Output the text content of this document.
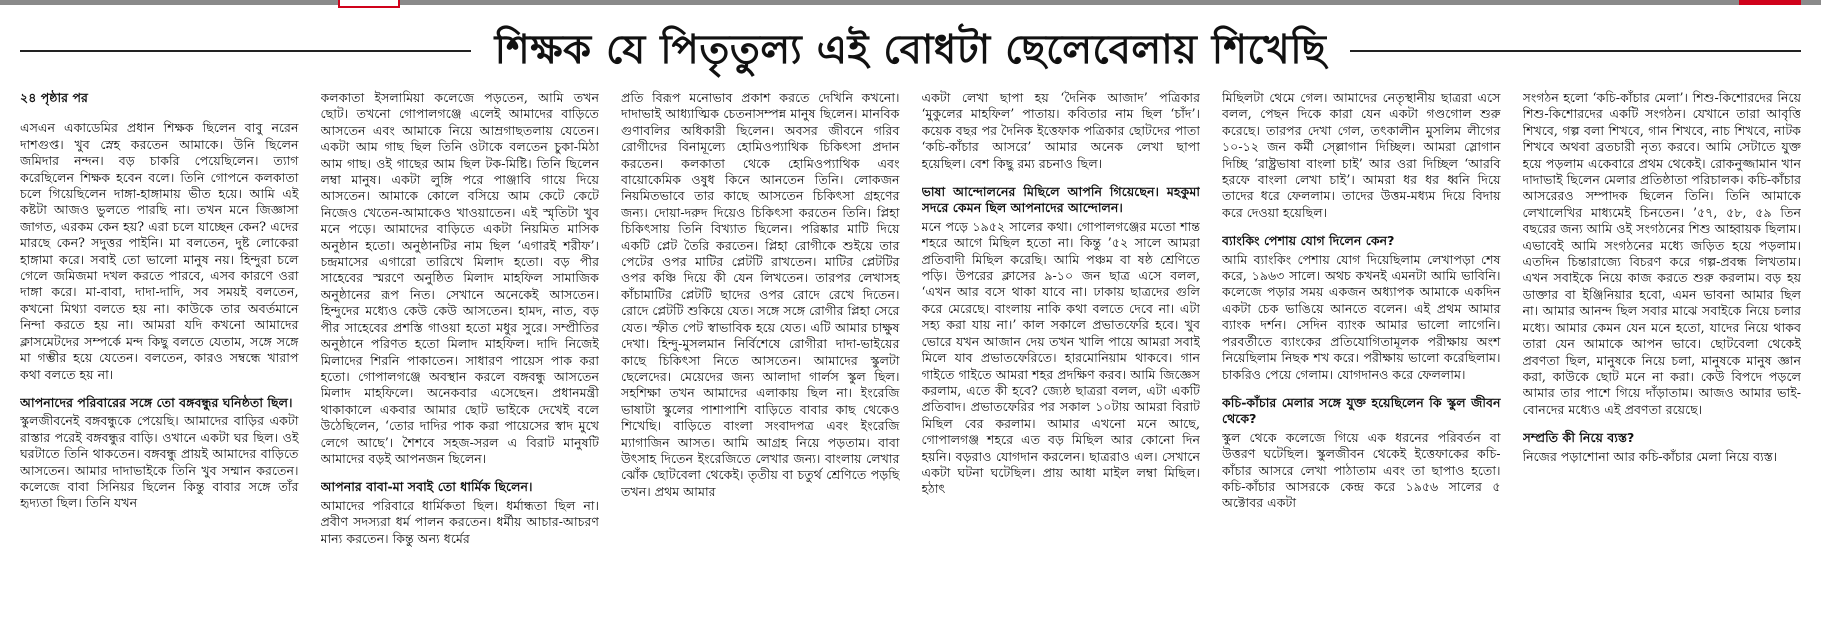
শিক্ষক যে পিতৃতুল্য এই বোধটা ছেলেবেলায় শিখেছি
২৪ পৃষ্ঠার পর

এসএন একাডেমির প্রধান শিক্ষক ছিলেন বাবু নরেন দাশগুপ্ত। খুব স্নেহ করতেন আমাকে। উনি ছিলেন জমিদার নন্দন। বড় চাকরি পেয়েছিলেন। ত্যাগ করেছিলেন শিক্ষক হবেন বলে। তিনি গোপনে কলকাতা চলে গিয়েছিলেন দাঙ্গা-হাঙ্গামায় ভীত হয়ে। আমি এই কষ্টটা আজও ভুলতে পারছি না। তখন মনে জিজ্ঞাসা জাগত, এরকম কেন হয়? এরা চলে যাচ্ছেন কেন? এদের মারছে কেন? সদুত্তর পাইনি। মা বলতেন, দুষ্ট লোকেরা হাঙ্গামা করে। সবাই তো ভালো মানুষ নয়। হিন্দুরা চলে গেলে জমিজমা দখল করতে পারবে, এসব কারণে ওরা দাঙ্গা করে। মা-বাবা, দাদা-দাদি, সব সময়ই বলতেন, কখনো মিথ্যা বলতে হয় না। কাউকে তার অবর্তমানে নিন্দা করতে হয় না। আমরা যদি কখনো আমাদের ক্লাসমেটদের সম্পর্কে মন্দ কিছু বলতে যেতাম, সঙ্গে সঙ্গে মা গম্ভীর হয়ে যেতেন। বলতেন, কারও সম্বন্ধে খারাপ কথা বলতে হয় না।

আপনাদের পরিবারের সঙ্গে তো বঙ্গবন্ধুর ঘনিষ্ঠতা ছিল।

স্কুলজীবনেই বঙ্গবন্ধুকে পেয়েছি। আমাদের বাড়ির একটা রাস্তার পরেই বঙ্গবন্ধুর বাড়ি। ওখানে একটা ঘর ছিল। ওই ঘরটাতে তিনি থাকতেন। বঙ্গবন্ধু প্রায়ই আমাদের বাড়িতে আসতেন। আমার দাদাভাইকে তিনি খুব সম্মান করতেন। কলেজে বাবা সিনিয়র ছিলেন কিন্তু বাবার সঙ্গে তাঁর হৃদ্যতা ছিল। তিনি যখন

কলকাতা ইসলামিয়া কলেজে পড়তেন, আমি তখন ছোট। তখনো গোপালগঞ্জে এলেই আমাদের বাড়িতে আসতেন এবং আমাকে নিয়ে আম্রগাছতলায় যেতেন। একটা আম গাছ ছিল তিনি ওটাকে বলতেন চুকা-মিঠা আম গাছ। ওই গাছের আম ছিল টক-মিষ্টি। তিনি ছিলেন লম্বা মানুষ। একটা লুঙ্গি পরে পাঞ্জাবি গায়ে দিয়ে আসতেন। আমাকে কোলে বসিয়ে আম কেটে কেটে নিজেও খেতেন-আমাকেও খাওয়াতেন। এই স্মৃতিটা খুব মনে পড়ে। আমাদের বাড়িতে একটা নিয়মিত মাসিক অনুষ্ঠান হতো। অনুষ্ঠানটির নাম ছিল ‘এগারই শরীফ’। চন্দ্রমাসের এগারো তারিখে মিলাদ হতো। বড় পীর সাহেবের স্মরণে অনুষ্ঠিত মিলাদ মাহফিল সামাজিক অনুষ্ঠানের রূপ নিত। সেখানে অনেকেই আসতেন। হিন্দুদের মধ্যেও কেউ কেউ আসতেন। হামদ, নাত, বড় পীর সাহেবের প্রশস্তি গাওয়া হতো মধুর সুরে। সম্প্রীতির অনুষ্ঠানে পরিণত হতো মিলাদ মাহফিল। দাদি নিজেই মিলাদের শিরনি পাকাতেন। সাধারণ পায়েস পাক করা হতো। গোপালগঞ্জে অবস্থান করলে বঙ্গবন্ধু আসতেন মিলাদ মাহফিলে। অনেকবার এসেছেন। প্রধানমন্ত্রী থাকাকালে একবার আমার ছোট ভাইকে দেখেই বলে উঠেছিলেন, ‘তোর দাদির পাক করা পায়েসের স্বাদ মুখে লেগে আছে’। শৈশবে সহজ-সরল এ বিরাট মানুষটি আমাদের বড়ই আপনজন ছিলেন।

আপনার বাবা-মা সবাই তো ধার্মিক ছিলেন।

আমাদের পরিবারে ধার্মিকতা ছিল। ধর্মান্ধতা ছিল না। প্রবীণ সদস্যরা ধর্ম পালন করতেন। ধর্মীয় আচার-আচরণ মান্য করতেন। কিন্তু অন্য ধর্মের

প্রতি বিরূপ মনোভাব প্রকাশ করতে দেখিনি কখনো। দাদাভাই আধ্যাত্মিক চেতনাসম্পন্ন মানুষ ছিলেন। মানবিক গুণাবলির অধিকারী ছিলেন। অবসর জীবনে গরিব রোগীদের বিনামূল্যে হোমিওপ্যাথিক চিকিৎসা প্রদান করতেন। কলকাতা থেকে হোমিওপ্যাথিক এবং বায়োকেমিক ওষুধ কিনে আনতেন তিনি। লোকজন নিয়মিতভাবে তার কাছে আসতেন চিকিৎসা গ্রহণের জন্য। দোয়া-দরুদ দিয়েও চিকিৎসা করতেন তিনি। প্লিহা চিকিৎসায় তিনি বিখ্যাত ছিলেন। পরিষ্কার মাটি দিয়ে একটি প্লেট তৈরি করতেন। প্লিহা রোগীকে শুইয়ে তার পেটের ওপর মাটির প্লেটটি রাখতেন। মাটির প্লেটটির ওপর কঞ্চি দিয়ে কী যেন লিখতেন। তারপর লেখাসহ কাঁচামাটির প্লেটটি ছাদের ওপর রোদে রেখে দিতেন। রোদে প্লেটটি শুকিয়ে যেত। সঙ্গে সঙ্গে রোগীর প্লিহা সেরে যেত। স্ফীত পেট স্বাভাবিক হয়ে যেত। এটি আমার চাক্ষুষ দেখা। হিন্দু-মুসলমান নির্বিশেষে রোগীরা দাদা-ভাইয়ের কাছে চিকিৎসা নিতে আসতেন। আমাদের স্কুলটা ছেলেদের। মেয়েদের জন্য আলাদা গার্লস স্কুল ছিল। সহশিক্ষা তখন আমাদের এলাকায় ছিল না। ইংরেজি ভাষাটা স্কুলের পাশাপাশি বাড়িতে বাবার কাছ থেকেও শিখেছি। বাড়িতে বাংলা সংবাদপত্র এবং ইংরেজি ম্যাগাজিন আসত। আমি আগ্রহ নিয়ে পড়তাম। বাবা উৎসাহ দিতেন ইংরেজিতে লেখার জন্য। বাংলায় লেখার ঝোঁক ছোটবেলা থেকেই। তৃতীয় বা চতুর্থ শ্রেণিতে পড়ছি তখন। প্রথম আমার

একটা লেখা ছাপা হয় ‘দৈনিক আজাদ’ পত্রিকার ‘মুকুলের মাহফিল’ পাতায়। কবিতার নাম ছিল ‘চাঁদ’। কয়েক বছর পর দৈনিক ইত্তেফাক পত্রিকার ছোটদের পাতা ‘কচি-কাঁচার আসরে’ আমার অনেক লেখা ছাপা হয়েছিল। বেশ কিছু রম্য রচনাও ছিল।

ভাষা আন্দোলনের মিছিলে আপনি গিয়েছেন। মহকুমা সদরে কেমন ছিল আপনাদের আন্দোলন।

মনে পড়ে ১৯৫২ সালের কথা। গোপালগঞ্জের মতো শান্ত শহরে আগে মিছিল হতো না। কিন্তু ’৫২ সালে আমরা প্রতিবাদী মিছিল করেছি। আমি পঞ্চম বা ষষ্ঠ শ্রেণিতে পড়ি। উপরের ক্লাসের ৯-১০ জন ছাত্র এসে বলল, ‘এখন আর বসে থাকা যাবে না। ঢাকায় ছাত্রদের গুলি করে মেরেছে। বাংলায় নাকি কথা বলতে দেবে না। এটা সহ্য করা যায় না।’ কাল সকালে প্রভাতফেরি হবে। খুব ভোরে যখন আজান দেয় তখন খালি পায়ে আমরা সবাই মিলে যাব প্রভাতফেরিতে। হারমোনিয়াম থাকবে। গান গাইতে গাইতে আমরা শহর প্রদক্ষিণ করব। আমি জিজ্ঞেস করলাম, এতে কী হবে? জ্যেষ্ঠ ছাত্ররা বলল, এটা একটি প্রতিবাদ। প্রভাতফেরির পর সকাল ১০টায় আমরা বিরাট মিছিল বের করলাম। আমার এখনো মনে আছে, গোপালগঞ্জ শহরে এত বড় মিছিল আর কোনো দিন হয়নি। বড়রাও যোগদান করলেন। ছাত্ররাও এল। সেখানে একটা ঘটনা ঘটেছিল। প্রায় আধা মাইল লম্বা মিছিল। হঠাৎ

মিছিলটা থেমে গেল। আমাদের নেতৃস্থানীয় ছাত্ররা এসে বলল, পেছন দিকে কারা যেন একটা গণ্ডগোল শুরু করেছে। তারপর দেখা গেল, তৎকালীন মুসলিম লীগের ১০-১২ জন কর্মী স্ল্লোগান দিচ্ছিল। আমরা স্লোগান দিচ্ছি ‘রাষ্ট্রভাষা বাংলা চাই’ আর ওরা দিচ্ছিল ‘আরবি হরফে বাংলা লেখা চাই’। আমরা ধর ধর ধ্বনি দিয়ে তাদের ধরে ফেললাম। তাদের উত্তম-মধ্যম দিয়ে বিদায় করে দেওয়া হয়েছিল।

ব্যাংকিং পেশায় যোগ দিলেন কেন?

আমি ব্যাংকিং পেশায় যোগ দিয়েছিলাম লেখাপড়া শেষ করে, ১৯৬৩ সালে। অথচ কখনই এমনটা আমি ভাবিনি। কলেজে পড়ার সময় একজন অধ্যাপক আমাকে একদিন একটা চেক ভাঙিয়ে আনতে বলেন। এই প্রথম আমার ব্যাংক দর্শন। সেদিন ব্যাংক আমার ভালো লাগেনি। পরবর্তীতে ব্যাংকের প্রতিযোগিতামূলক পরীক্ষায় অংশ নিয়েছিলাম নিছক শখ করে। পরীক্ষায় ভালো করেছিলাম। চাকরিও পেয়ে গেলাম। যোগদানও করে ফেললাম।

কচি-কাঁচার মেলার সঙ্গে যুক্ত হয়েছিলেন কি স্কুল জীবন থেকে?

স্কুল থেকে কলেজে গিয়ে এক ধরনের পরিবর্তন বা উত্তরণ ঘটেছিল। স্কুলজীবন থেকেই ইত্তেফাকের কচি-কাঁচার আসরে লেখা পাঠাতাম এবং তা ছাপাও হতো। কচি-কাঁচার আসরকে কেন্দ্র করে ১৯৫৬ সালের ৫ অক্টোবর একটা

সংগঠন হলো ‘কচি-কাঁচার মেলা’। শিশু-কিশোরদের নিয়ে শিশু-কিশোরদের একটি সংগঠন। যেখানে তারা আবৃত্তি শিখবে, গল্প বলা শিখবে, গান শিখবে, নাচ শিখবে, নাটক শিখবে অথবা ব্রতচারী নৃত্য করবে। আমি সেটাতে যুক্ত হয়ে পড়লাম একেবারে প্রথম থেকেই। রোকনুজ্জামান খান দাদাভাই ছিলেন মেলার প্রতিষ্ঠাতা পরিচালক। কচি-কাঁচার আসরেরও সম্পাদক ছিলেন তিনি। তিনি আমাকে লেখালেখির মাধ্যমেই চিনতেন। ’৫৭, ৫৮, ৫৯ তিন বছরের জন্য আমি ওই সংগঠনের শিশু আহ্বায়ক ছিলাম। এভাবেই আমি সংগঠনের মধ্যে জড়িত হয়ে পড়লাম। এতদিন চিন্তারাজ্যে বিচরণ করে গল্প-প্রবন্ধ লিখতাম। এখন সবাইকে নিয়ে কাজ করতে শুরু করলাম। বড় হয় ডাক্তার বা ইঞ্জিনিয়ার হবো, এমন ভাবনা আমার ছিল না। আমার আনন্দ ছিল সবার মাঝে সবাইকে নিয়ে চলার মধ্যে। আমার কেমন যেন মনে হতো, যাদের নিয়ে থাকব তারা যেন আমাকে আপন ভাবে। ছোটবেলা থেকেই প্রবণতা ছিল, মানুষকে নিয়ে চলা, মানুষকে মানুষ জ্ঞান করা, কাউকে ছোট মনে না করা। কেউ বিপদে পড়লে আমার তার পাশে গিয়ে দাঁড়াতাম। আজও আমার ভাই-বোনদের মধ্যেও এই প্রবণতা রয়েছে।

সম্প্রতি কী নিয়ে ব্যস্ত?

নিজের পড়াশোনা আর কচি-কাঁচার মেলা নিয়ে ব্যস্ত।
